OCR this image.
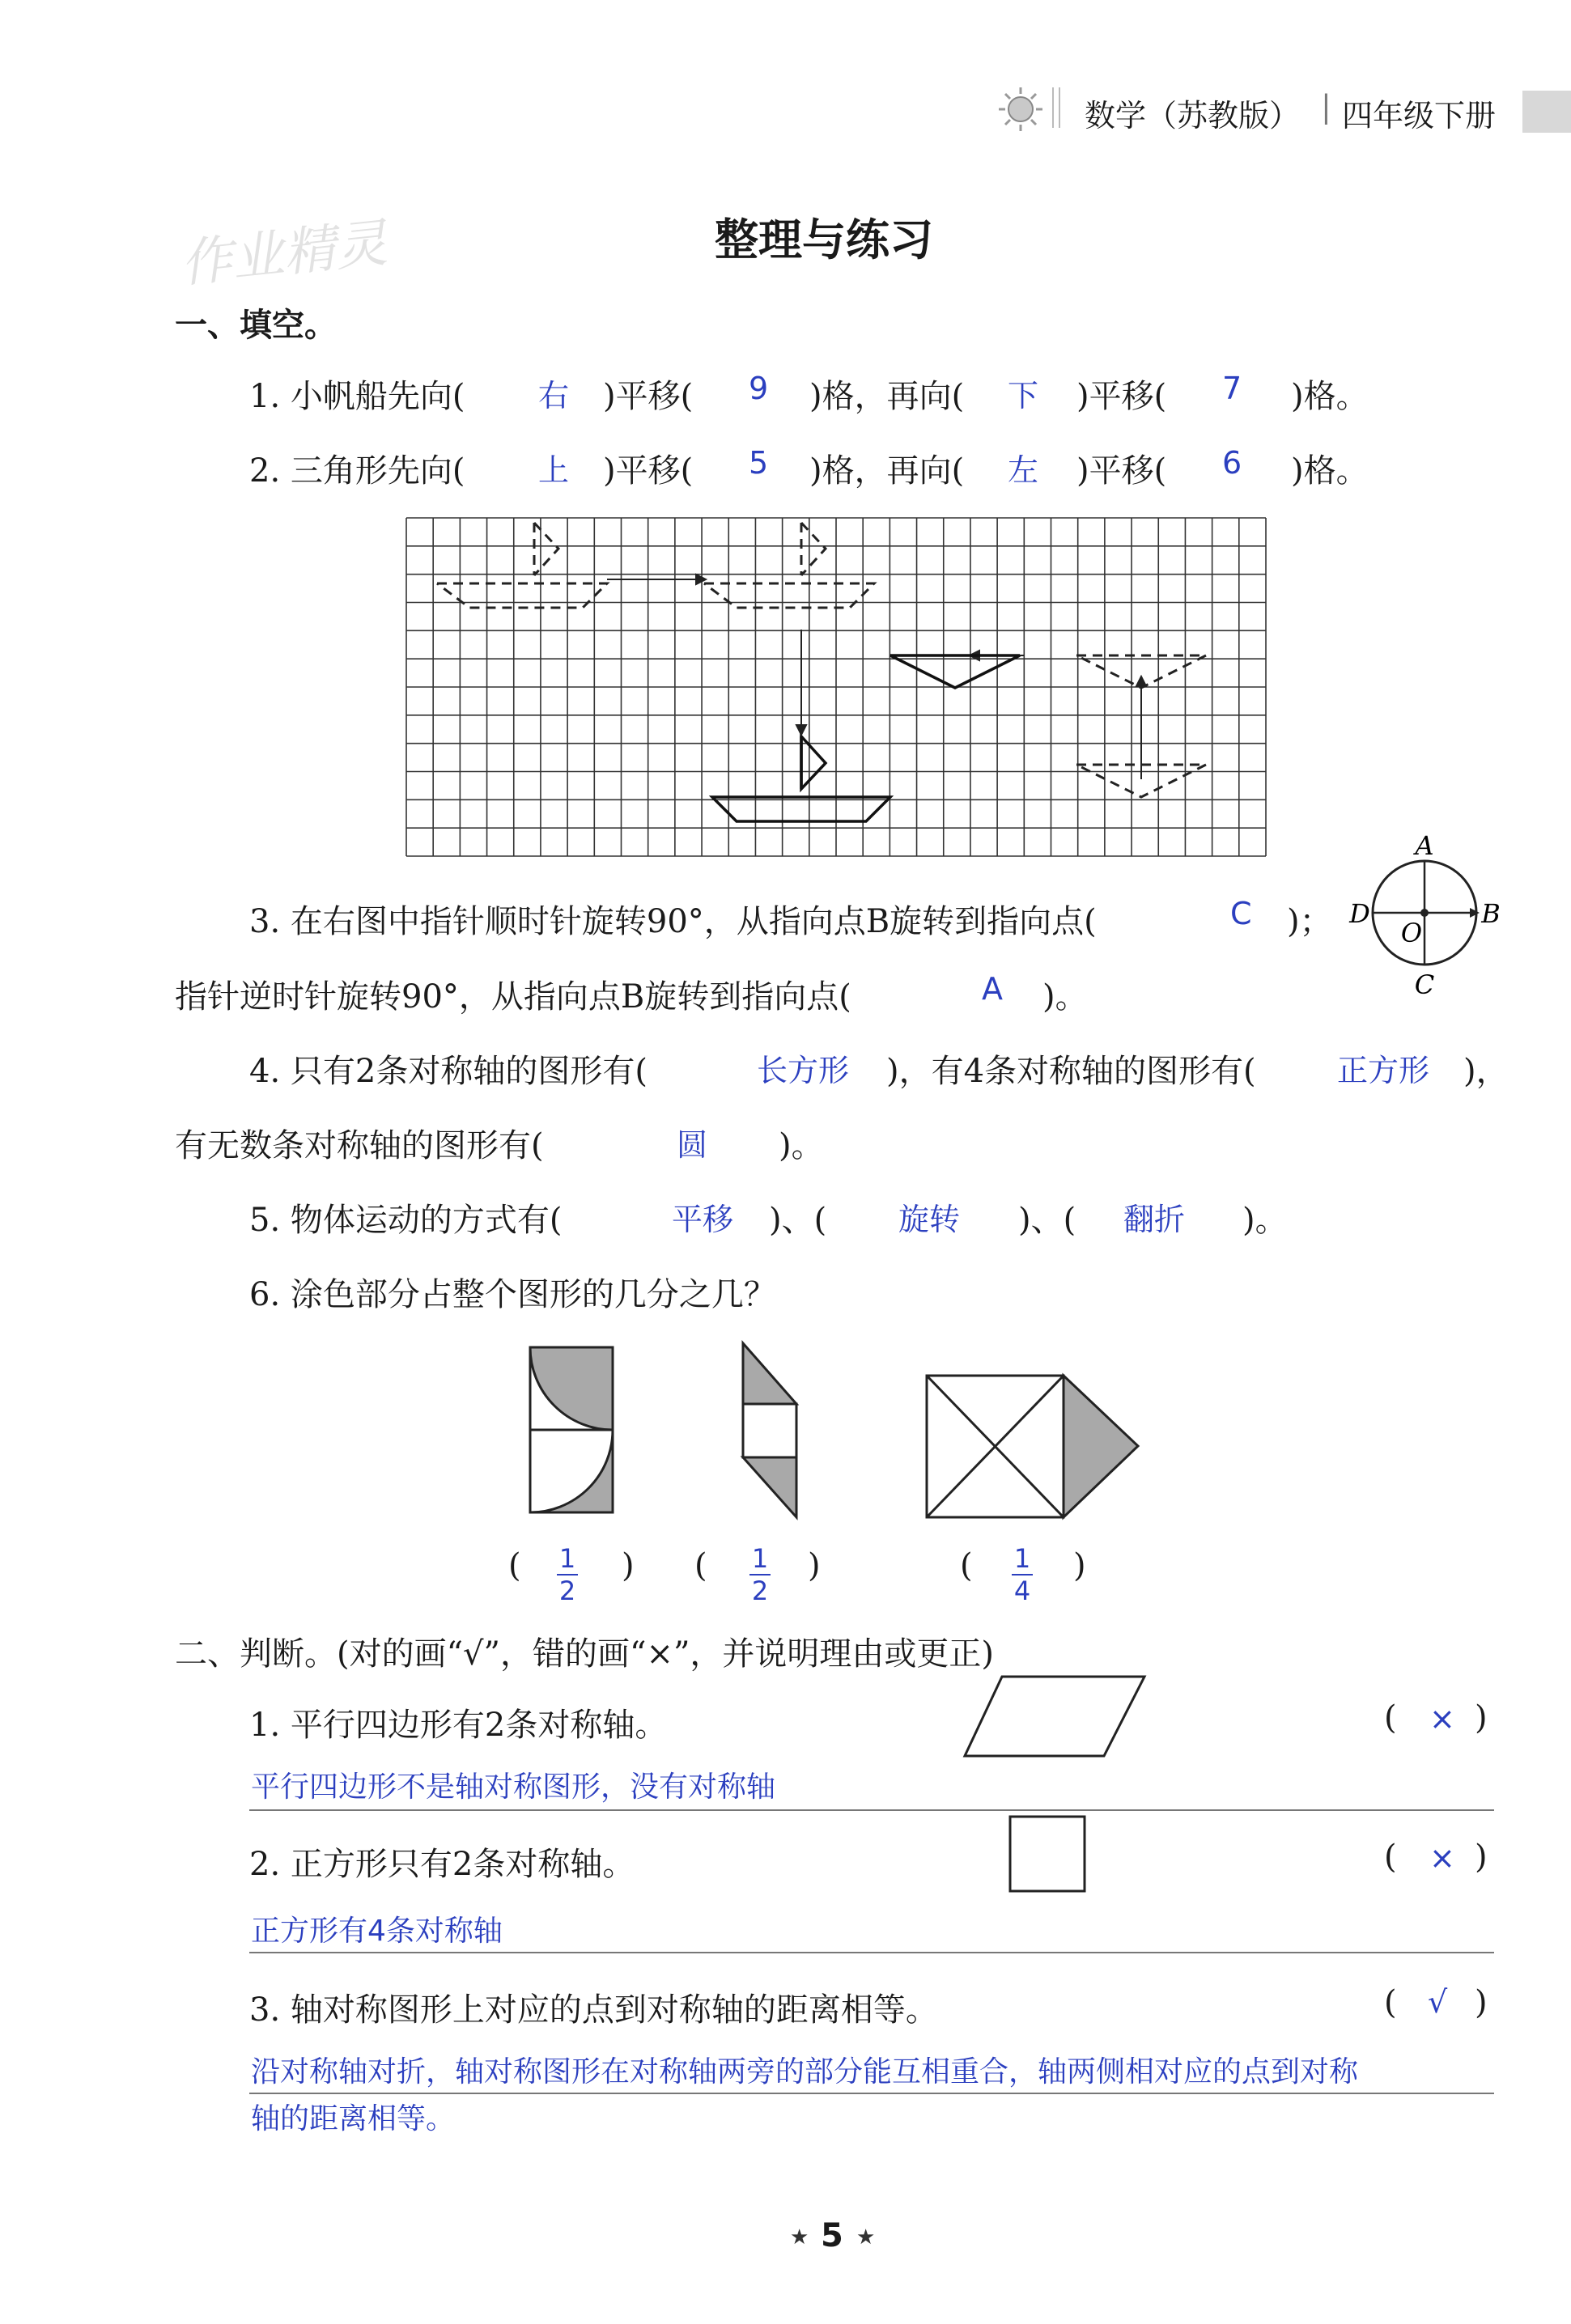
数学（苏教版） | 四年级下册
作业精灵	整理与练习
一、填空。
1. 小帆船先向( 右 )平移( 9 )格，再向( 下 )平移( 7 )格。
2. 三角形先向( 上 )平移( 5 )格，再向( 左 )平移( 6 )格。
3. 在右图中指针顺时针旋转90°，从指向点B旋转到指向点(	C )；
指针逆时针旋转90°，从指向点B旋转到指向点(	A )。
A
B
C
D
O
4. 只有2条对称轴的图形有(	长方形 )，有4条对称轴的图形有(	正方形 )，
有无数条对称轴的图形有(	圆 )。
5. 物体运动的方式有(	平移 )、( 旋转 )、( 翻折 )。
6. 涂色部分占整个图形的几分之几？
( $\frac{1}{2}$ ) ( $\frac{1}{2}$ )	( $\frac{1}{4}$ )
二、判断。(对的画“√”，错的画“×”，并说明理由或更正)
1. 平行四边形有2条对称轴。	( × )
平行四边形不是轴对称图形，没有对称轴
2. 正方形只有2条对称轴。	( × )
正方形有4条对称轴
3. 轴对称图形上对应的点到对称轴的距离相等。	( √ )
沿对称轴对折，轴对称图形在对称轴两旁的部分能互相重合，轴两侧相对应的点到对称
轴的距离相等。
★ 5 ★
